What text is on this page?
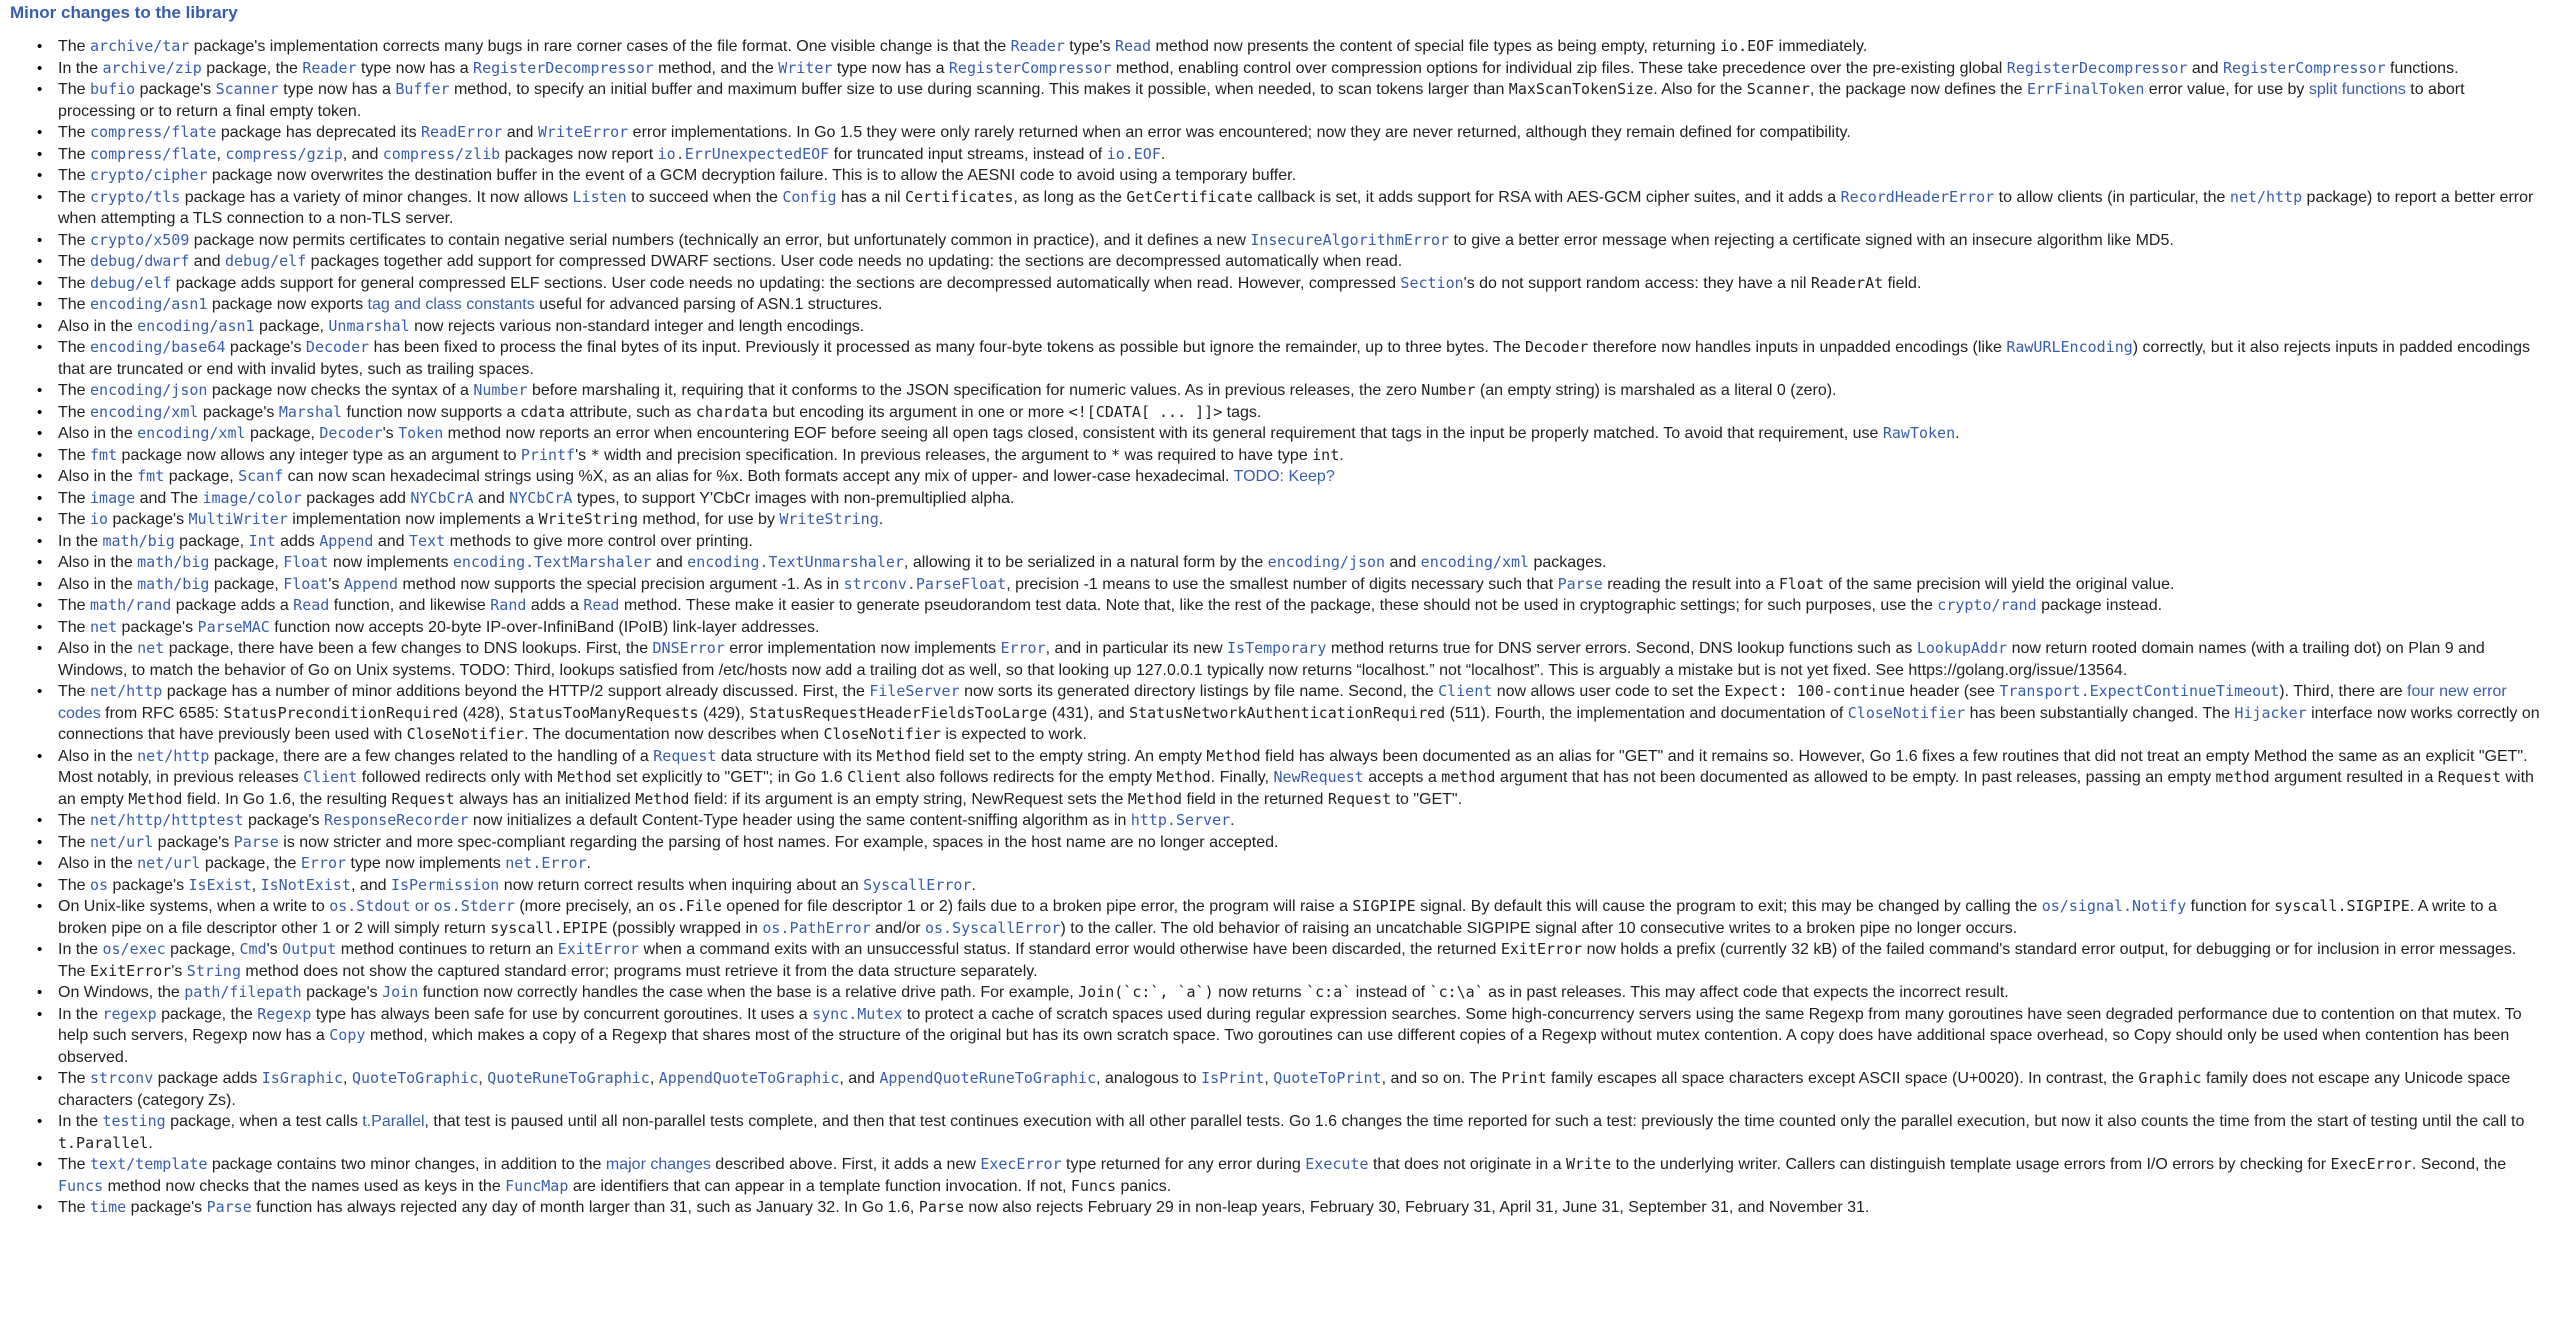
Minor changes to the library
• The archive/tar package's implementation corrects many bugs in rare corner cases of the file format. One visible change is that the Reader type's Read method now presents the content of special file types as being empty, returning io.EOF immediately.
• In the archive/zip package, the Reader type now has a RegisterDecompressor method, and the Writer type now has a RegisterCompressor method, enabling control over compression options for individual zip files. These take precedence over the pre-existing global RegisterDecompressor and RegisterCompressor functions.
• The bufio package's Scanner type now has a Buffer method, to specify an initial buffer and maximum buffer size to use during scanning. This makes it possible, when needed, to scan tokens larger than MaxScanTokenSize. Also for the Scanner, the package now defines the ErrFinalToken error value, for use by split functions to abort processing or to return a final empty token.
• The compress/flate package has deprecated its ReadError and WriteError error implementations. In Go 1.5 they were only rarely returned when an error was encountered; now they are never returned, although they remain defined for compatibility.
• The compress/flate, compress/gzip, and compress/zlib packages now report io.ErrUnexpectedEOF for truncated input streams, instead of io.EOF.
• The crypto/cipher package now overwrites the destination buffer in the event of a GCM decryption failure. This is to allow the AESNI code to avoid using a temporary buffer.
• The crypto/tls package has a variety of minor changes. It now allows Listen to succeed when the Config has a nil Certificates, as long as the GetCertificate callback is set, it adds support for RSA with AES-GCM cipher suites, and it adds a RecordHeaderError to allow clients (in particular, the net/http package) to report a better error when attempting a TLS connection to a non-TLS server.
• The crypto/x509 package now permits certificates to contain negative serial numbers (technically an error, but unfortunately common in practice), and it defines a new InsecureAlgorithmError to give a better error message when rejecting a certificate signed with an insecure algorithm like MD5.
• The debug/dwarf and debug/elf packages together add support for compressed DWARF sections. User code needs no updating: the sections are decompressed automatically when read.
• The debug/elf package adds support for general compressed ELF sections. User code needs no updating: the sections are decompressed automatically when read. However, compressed Section's do not support random access: they have a nil ReaderAt field.
• The encoding/asn1 package now exports tag and class constants useful for advanced parsing of ASN.1 structures.
• Also in the encoding/asn1 package, Unmarshal now rejects various non-standard integer and length encodings.
• The encoding/base64 package's Decoder has been fixed to process the final bytes of its input. Previously it processed as many four-byte tokens as possible but ignore the remainder, up to three bytes. The Decoder therefore now handles inputs in unpadded encodings (like RawURLEncoding) correctly, but it also rejects inputs in padded encodings that are truncated or end with invalid bytes, such as trailing spaces.
• The encoding/json package now checks the syntax of a Number before marshaling it, requiring that it conforms to the JSON specification for numeric values. As in previous releases, the zero Number (an empty string) is marshaled as a literal 0 (zero).
• The encoding/xml package's Marshal function now supports a cdata attribute, such as chardata but encoding its argument in one or more <![CDATA[ ... ]]> tags.
• Also in the encoding/xml package, Decoder's Token method now reports an error when encountering EOF before seeing all open tags closed, consistent with its general requirement that tags in the input be properly matched. To avoid that requirement, use RawToken.
• The fmt package now allows any integer type as an argument to Printf's * width and precision specification. In previous releases, the argument to * was required to have type int.
• Also in the fmt package, Scanf can now scan hexadecimal strings using %X, as an alias for %x. Both formats accept any mix of upper- and lower-case hexadecimal. TODO: Keep?
• The image and The image/color packages add NYCbCrA and NYCbCrA types, to support Y'CbCr images with non-premultiplied alpha.
• The io package's MultiWriter implementation now implements a WriteString method, for use by WriteString.
• In the math/big package, Int adds Append and Text methods to give more control over printing.
• Also in the math/big package, Float now implements encoding.TextMarshaler and encoding.TextUnmarshaler, allowing it to be serialized in a natural form by the encoding/json and encoding/xml packages.
• Also in the math/big package, Float's Append method now supports the special precision argument -1. As in strconv.ParseFloat, precision -1 means to use the smallest number of digits necessary such that Parse reading the result into a Float of the same precision will yield the original value.
• The math/rand package adds a Read function, and likewise Rand adds a Read method. These make it easier to generate pseudorandom test data. Note that, like the rest of the package, these should not be used in cryptographic settings; for such purposes, use the crypto/rand package instead.
• The net package's ParseMAC function now accepts 20-byte IP-over-InfiniBand (IPoIB) link-layer addresses.
• Also in the net package, there have been a few changes to DNS lookups. First, the DNSError error implementation now implements Error, and in particular its new IsTemporary method returns true for DNS server errors. Second, DNS lookup functions such as LookupAddr now return rooted domain names (with a trailing dot) on Plan 9 and Windows, to match the behavior of Go on Unix systems. TODO: Third, lookups satisfied from /etc/hosts now add a trailing dot as well, so that looking up 127.0.0.1 typically now returns “localhost.” not “localhost”. This is arguably a mistake but is not yet fixed. See https://golang.org/issue/13564.
• The net/http package has a number of minor additions beyond the HTTP/2 support already discussed. First, the FileServer now sorts its generated directory listings by file name. Second, the Client now allows user code to set the Expect: 100-continue header (see Transport.ExpectContinueTimeout). Third, there are four new error codes from RFC 6585: StatusPreconditionRequired (428), StatusTooManyRequests (429), StatusRequestHeaderFieldsTooLarge (431), and StatusNetworkAuthenticationRequired (511). Fourth, the implementation and documentation of CloseNotifier has been substantially changed. The Hijacker interface now works correctly on connections that have previously been used with CloseNotifier. The documentation now describes when CloseNotifier is expected to work.
• Also in the net/http package, there are a few changes related to the handling of a Request data structure with its Method field set to the empty string. An empty Method field has always been documented as an alias for "GET" and it remains so. However, Go 1.6 fixes a few routines that did not treat an empty Method the same as an explicit "GET". Most notably, in previous releases Client followed redirects only with Method set explicitly to "GET"; in Go 1.6 Client also follows redirects for the empty Method. Finally, NewRequest accepts a method argument that has not been documented as allowed to be empty. In past releases, passing an empty method argument resulted in a Request with an empty Method field. In Go 1.6, the resulting Request always has an initialized Method field: if its argument is an empty string, NewRequest sets the Method field in the returned Request to "GET".
• The net/http/httptest package's ResponseRecorder now initializes a default Content-Type header using the same content-sniffing algorithm as in http.Server.
• The net/url package's Parse is now stricter and more spec-compliant regarding the parsing of host names. For example, spaces in the host name are no longer accepted.
• Also in the net/url package, the Error type now implements net.Error.
• The os package's IsExist, IsNotExist, and IsPermission now return correct results when inquiring about an SyscallError.
• On Unix-like systems, when a write to os.Stdout or os.Stderr (more precisely, an os.File opened for file descriptor 1 or 2) fails due to a broken pipe error, the program will raise a SIGPIPE signal. By default this will cause the program to exit; this may be changed by calling the os/signal.Notify function for syscall.SIGPIPE. A write to a broken pipe on a file descriptor other 1 or 2 will simply return syscall.EPIPE (possibly wrapped in os.PathError and/or os.SyscallError) to the caller. The old behavior of raising an uncatchable SIGPIPE signal after 10 consecutive writes to a broken pipe no longer occurs.
• In the os/exec package, Cmd's Output method continues to return an ExitError when a command exits with an unsuccessful status. If standard error would otherwise have been discarded, the returned ExitError now holds a prefix (currently 32 kB) of the failed command's standard error output, for debugging or for inclusion in error messages. The ExitError's String method does not show the captured standard error; programs must retrieve it from the data structure separately.
• On Windows, the path/filepath package's Join function now correctly handles the case when the base is a relative drive path. For example, Join(`c:`, `a`) now returns `c:a` instead of `c:\a` as in past releases. This may affect code that expects the incorrect result.
• In the regexp package, the Regexp type has always been safe for use by concurrent goroutines. It uses a sync.Mutex to protect a cache of scratch spaces used during regular expression searches. Some high-concurrency servers using the same Regexp from many goroutines have seen degraded performance due to contention on that mutex. To help such servers, Regexp now has a Copy method, which makes a copy of a Regexp that shares most of the structure of the original but has its own scratch space. Two goroutines can use different copies of a Regexp without mutex contention. A copy does have additional space overhead, so Copy should only be used when contention has been observed.
• The strconv package adds IsGraphic, QuoteToGraphic, QuoteRuneToGraphic, AppendQuoteToGraphic, and AppendQuoteRuneToGraphic, analogous to IsPrint, QuoteToPrint, and so on. The Print family escapes all space characters except ASCII space (U+0020). In contrast, the Graphic family does not escape any Unicode space characters (category Zs).
• In the testing package, when a test calls t.Parallel, that test is paused until all non-parallel tests complete, and then that test continues execution with all other parallel tests. Go 1.6 changes the time reported for such a test: previously the time counted only the parallel execution, but now it also counts the time from the start of testing until the call to t.Parallel.
• The text/template package contains two minor changes, in addition to the major changes described above. First, it adds a new ExecError type returned for any error during Execute that does not originate in a Write to the underlying writer. Callers can distinguish template usage errors from I/O errors by checking for ExecError. Second, the Funcs method now checks that the names used as keys in the FuncMap are identifiers that can appear in a template function invocation. If not, Funcs panics.
• The time package's Parse function has always rejected any day of month larger than 31, such as January 32. In Go 1.6, Parse now also rejects February 29 in non-leap years, February 30, February 31, April 31, June 31, September 31, and November 31.
